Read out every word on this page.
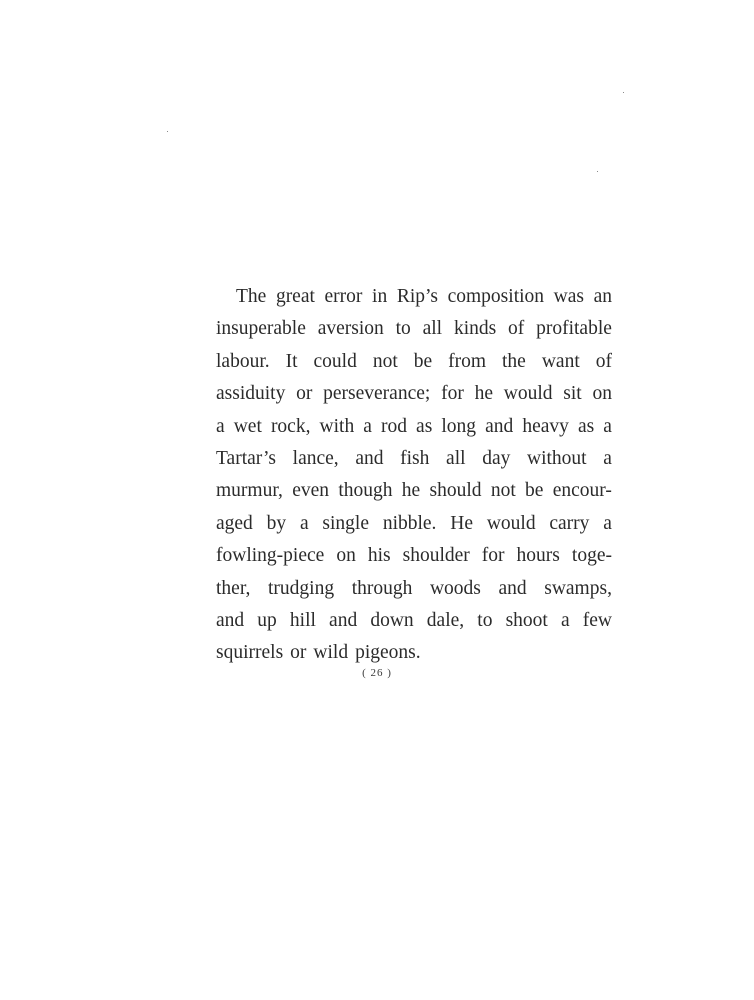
The great error in Rip’s composition was an
insuperable aversion to all kinds of profitable
labour. It could not be from the want of
assiduity or perseverance; for he would sit on
a wet rock, with a rod as long and heavy as a
Tartar’s lance, and fish all day without a
murmur, even though he should not be encour-
aged by a single nibble. He would carry a
fowling-piece on his shoulder for hours toge-
ther, trudging through woods and swamps,
and up hill and down dale, to shoot a few
squirrels or wild pigeons.
( 26 )
